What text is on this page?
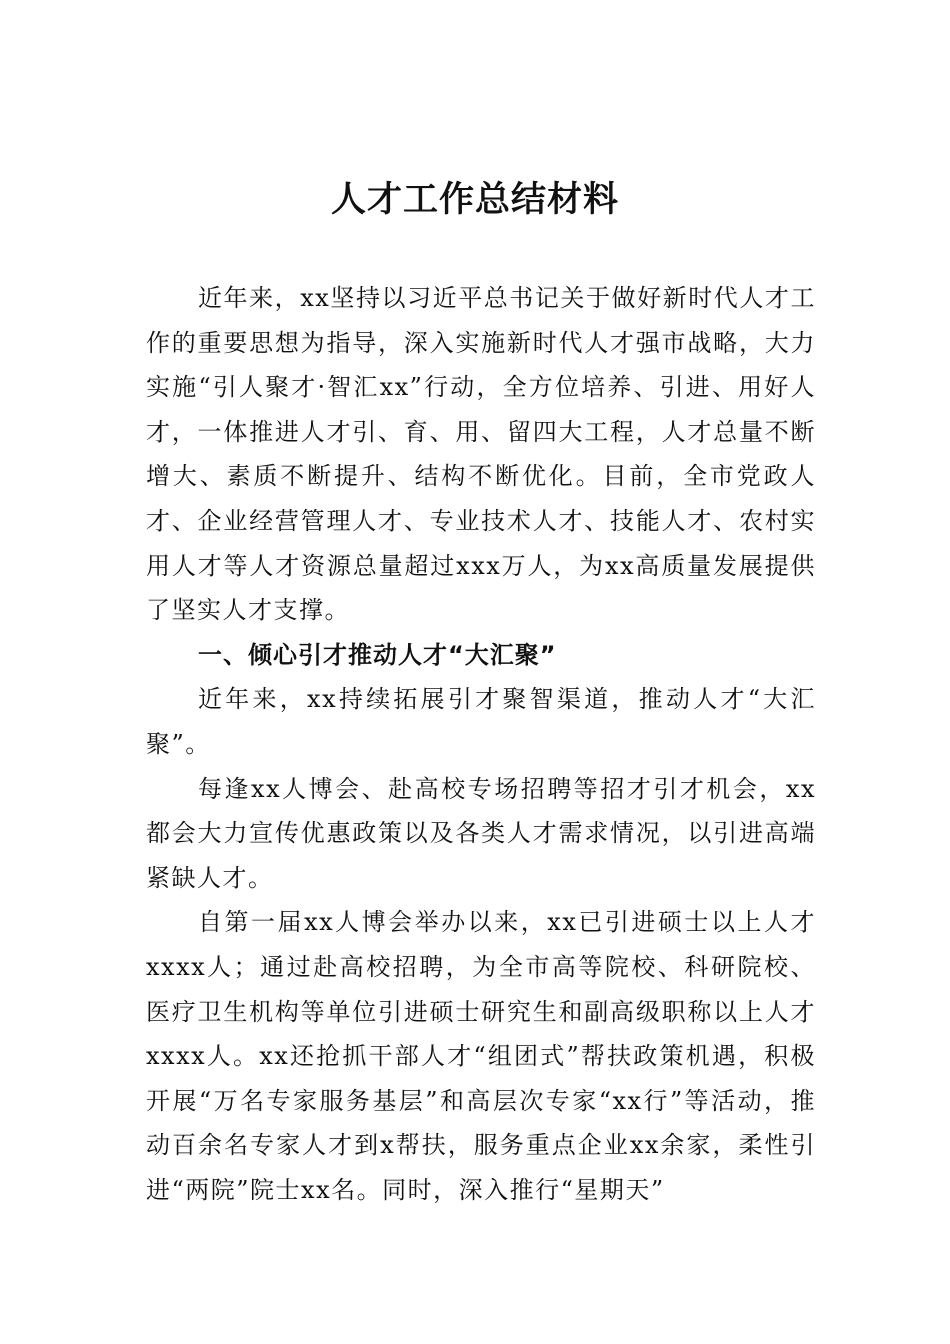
人才工作总结材料

近年来，xx坚持以习近平总书记关于做好新时代人才工作的重要思想为指导，深入实施新时代人才强市战略，大力实施“引人聚才·智汇xx”行动，全方位培养、引进、用好人才，一体推进人才引、育、用、留四大工程，人才总量不断增大、素质不断提升、结构不断优化。目前，全市党政人才、企业经营管理人才、专业技术人才、技能人才、农村实用人才等人才资源总量超过xxx万人，为xx高质量发展提供了坚实人才支撑。

一、倾心引才推动人才“大汇聚”

近年来，xx持续拓展引才聚智渠道，推动人才“大汇聚”。

每逢xx人博会、赴高校专场招聘等招才引才机会，xx都会大力宣传优惠政策以及各类人才需求情况，以引进高端紧缺人才。

自第一届xx人博会举办以来，xx已引进硕士以上人才xxxx人；通过赴高校招聘，为全市高等院校、科研院校、医疗卫生机构等单位引进硕士研究生和副高级职称以上人才xxxx人。xx还抢抓干部人才“组团式”帮扶政策机遇，积极开展“万名专家服务基层”和高层次专家“xx行”等活动，推动百余名专家人才到x帮扶，服务重点企业xx余家，柔性引进“两院”院士xx名。同时，深入推行“星期天”
